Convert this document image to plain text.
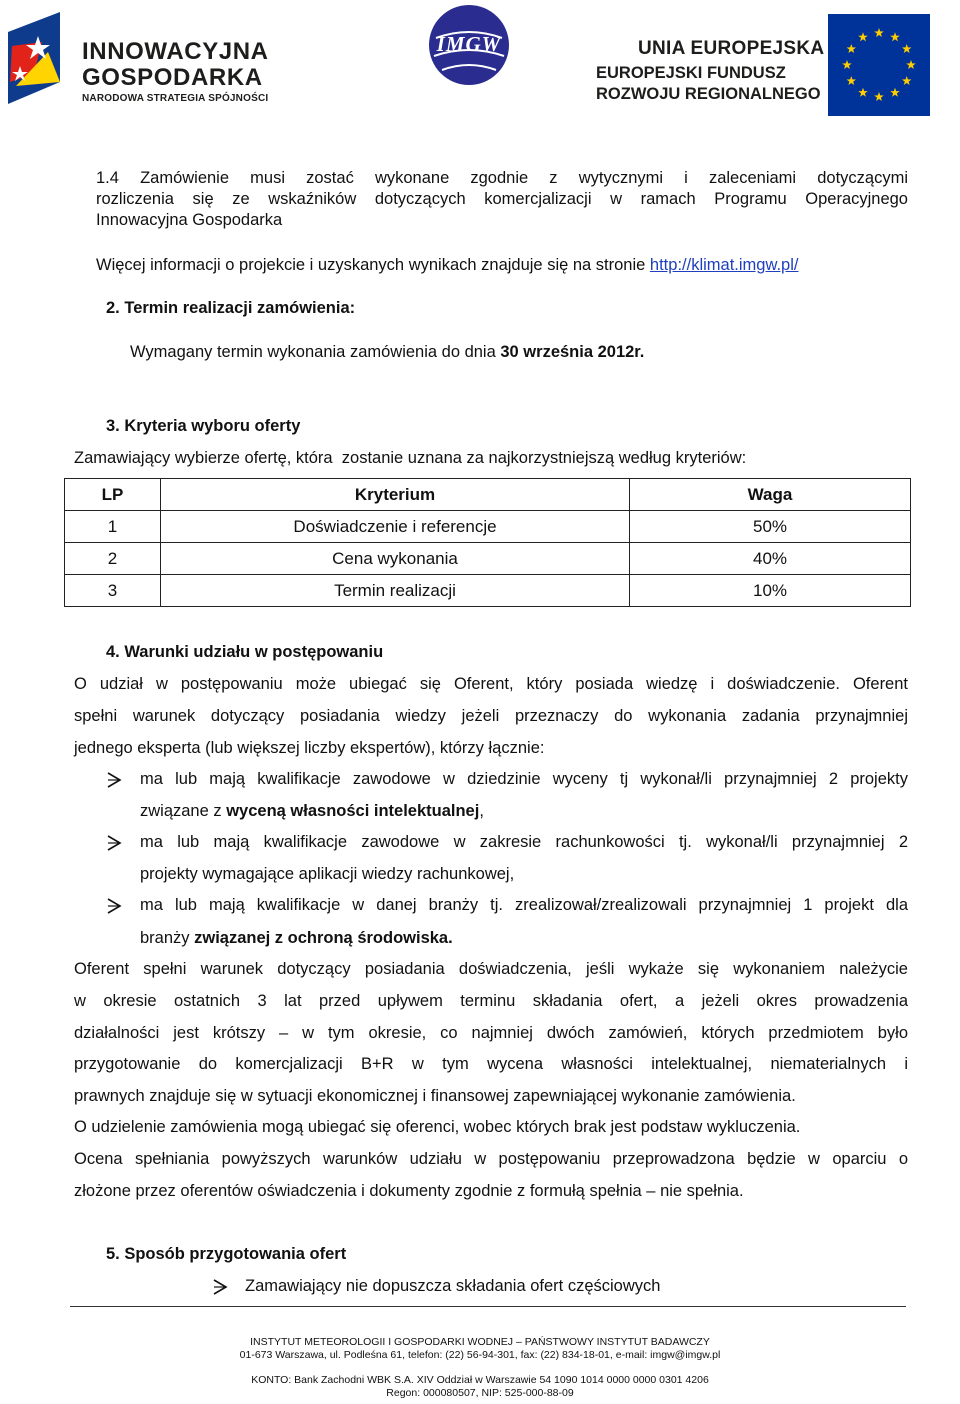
INNOWACYJNA
GOSPODARKA
NARODOWA STRATEGIA SPÓJNOŚCI
IMGW	UNIA EUROPEJSKA
EUROPEJSKI FUNDUSZ
ROZWOJU REGIONALNEGO
1.4 Zamówienie musi zostać wykonane zgodnie z wytycznymi i zaleceniami dotyczącymi
rozliczenia się ze wskaźników dotyczących komercjalizacji w ramach Programu Operacyjnego
Innowacyjna Gospodarka
Więcej informacji o projekcie i uzyskanych wynikach znajduje się na stronie http://klimat.imgw.pl/
2. Termin realizacji zamówienia:
Wymagany termin wykonania zamówienia do dnia 30 września 2012r.
3. Kryteria wyboru oferty
Zamawiający wybierze ofertę, która  zostanie uznana za najkorzystniejszą według kryteriów:
LP	Kryterium	Waga
1	Doświadczenie i referencje	50%
2	Cena wykonania	40%
3	Termin realizacji	10%
4. Warunki udziału w postępowaniu
O udział w postępowaniu może ubiegać się Oferent, który posiada wiedzę i doświadczenie. Oferent
spełni warunek dotyczący posiadania wiedzy jeżeli przeznaczy do wykonania zadania przynajmniej
jednego eksperta (lub większej liczby ekspertów), którzy łącznie:
ma lub mają kwalifikacje zawodowe w dziedzinie wyceny tj wykonał/li przynajmniej 2 projekty
związane z wyceną własności intelektualnej,
ma lub mają kwalifikacje zawodowe w zakresie rachunkowości tj. wykonał/li przynajmniej 2
projekty wymagające aplikacji wiedzy rachunkowej,
ma lub mają kwalifikacje w danej branży tj. zrealizował/zrealizowali przynajmniej 1 projekt dla
branży związanej z ochroną środowiska.
Oferent spełni warunek dotyczący posiadania doświadczenia, jeśli wykaże się wykonaniem należycie
w okresie ostatnich 3 lat przed upływem terminu składania ofert, a jeżeli okres prowadzenia
działalności jest krótszy – w tym okresie, co najmniej dwóch zamówień, których przedmiotem było
przygotowanie do komercjalizacji B+R w tym wycena własności intelektualnej, niematerialnych i
prawnych znajduje się w sytuacji ekonomicznej i finansowej zapewniającej wykonanie zamówienia.
O udzielenie zamówienia mogą ubiegać się oferenci, wobec których brak jest podstaw wykluczenia.
Ocena spełniania powyższych warunków udziału w postępowaniu przeprowadzona będzie w oparciu o
złożone przez oferentów oświadczenia i dokumenty zgodnie z formułą spełnia – nie spełnia.
5. Sposób przygotowania ofert
Zamawiający nie dopuszcza składania ofert częściowych
INSTYTUT METEOROLOGII I GOSPODARKI WODNEJ – PAŃSTWOWY INSTYTUT BADAWCZY
01-673 Warszawa, ul. Podleśna 61, telefon: (22) 56-94-301, fax: (22) 834-18-01, e-mail: imgw@imgw.pl
KONTO: Bank Zachodni WBK S.A. XIV Oddział w Warszawie 54 1090 1014 0000 0000 0301 4206
Regon: 000080507, NIP: 525-000-88-09
